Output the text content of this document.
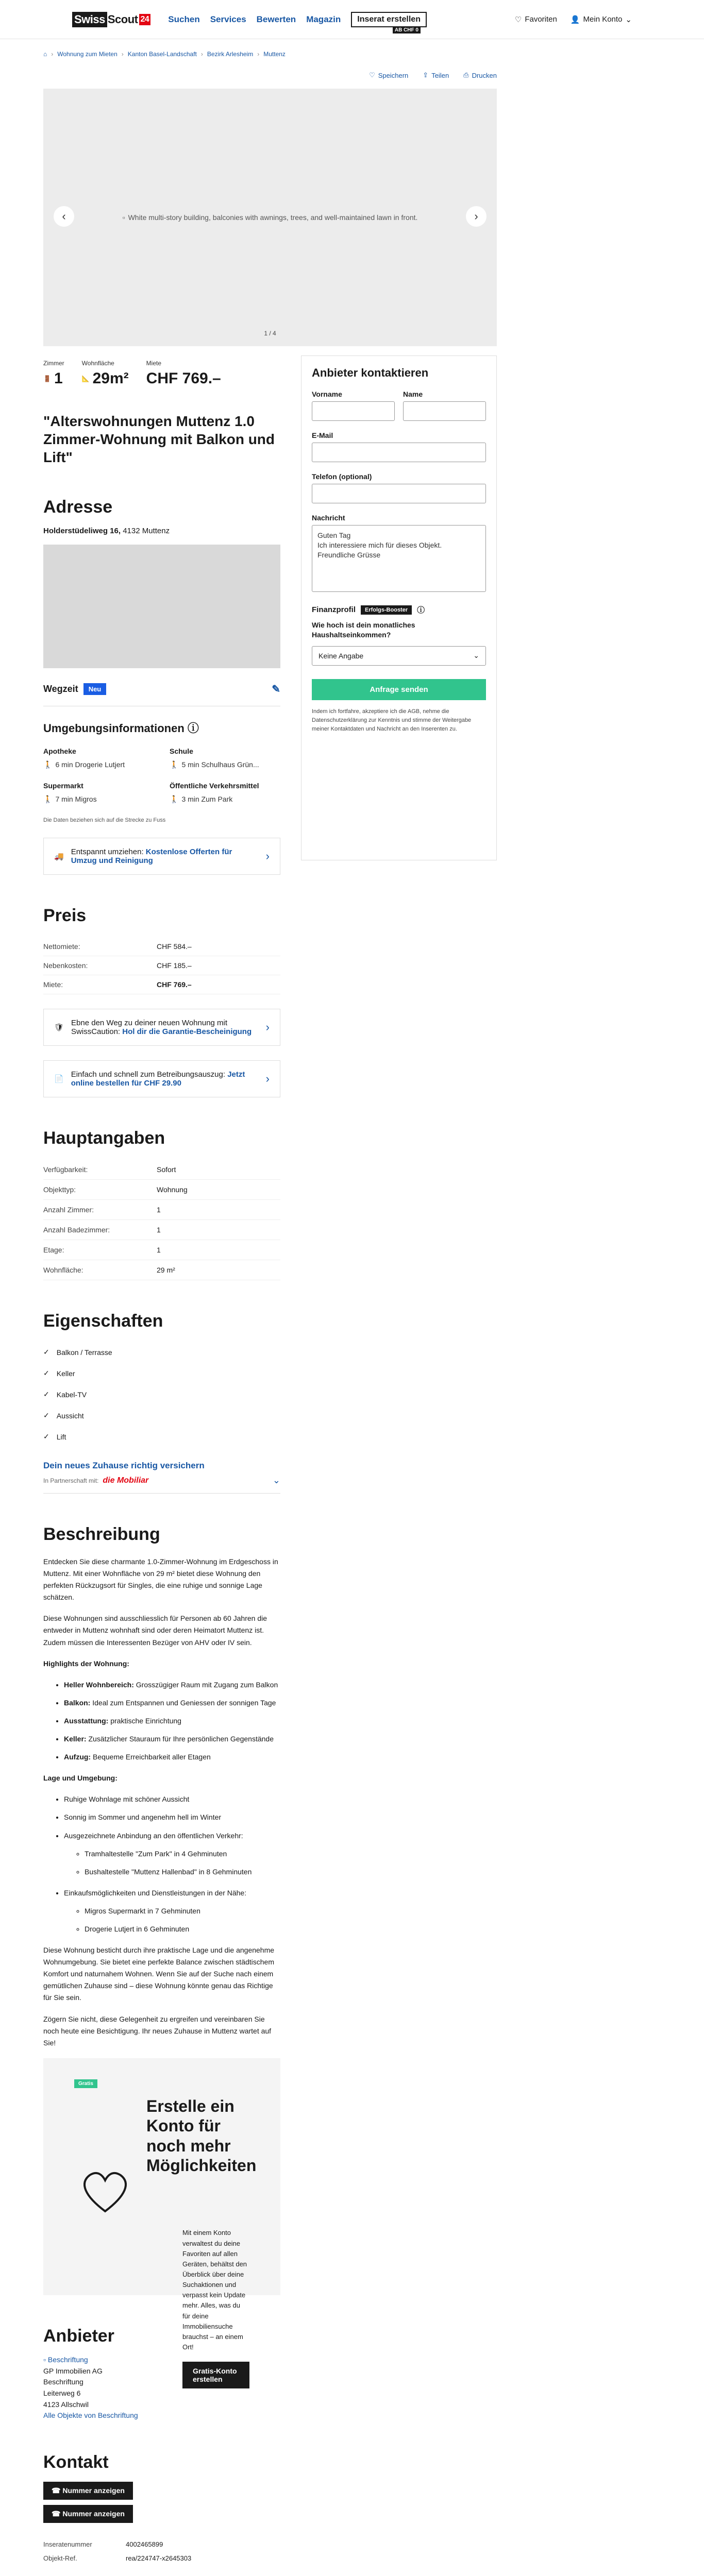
Swiss Scout 24 Suchen Services Bewerten Magazin	Inserat erstellen
AB CHF 0
♡ Favoriten 👤 Mein Konto ⌄
⌂ › Wohnung zum Mieten › Kanton Basel-Landschaft › Bezirk Arlesheim › Muttenz
♡ Speichern ⇪ Teilen ⎙ Drucken
‹	▫ White multi-story building, balconies with awnings, trees, and well-maintained lawn in front.	›
1 / 4
Zimmer
🚪 1
Wohnfläche
📐 29m²
Miete
CHF 769.–
"Alterswohnungen Muttenz 1.0 Zimmer-Wohnung mit Balkon und Lift"
Adresse
Holderstüdeliweg 16, 4132 Muttenz
Wegzeit	Neu	✎
Umgebungsinformationen ⓘ
Apotheke
🚶 6 min Drogerie Lutjert
Schule
🚶 5 min Schulhaus Grün...
Supermarkt
🚶 7 min Migros
Öffentliche Verkehrsmittel
🚶 3 min Zum Park
Die Daten beziehen sich auf die Strecke zu Fuss
🚚
Entspannt umziehen: Kostenlose Offerten für Umzug und Reinigung	›
Preis
Nettomiete:	CHF 584.–
Nebenkosten:	CHF 185.–
Miete:	CHF 769.–
🛡
Ebne den Weg zu deiner neuen Wohnung mit SwissCaution: Hol dir die Garantie-Bescheinigung	›
📄
Einfach und schnell zum Betreibungsauszug: Jetzt online bestellen für CHF 29.90	›
Hauptangaben
Verfügbarkeit:	Sofort
Objekttyp:	Wohnung
Anzahl Zimmer:	1
Anzahl Badezimmer:	1
Etage:	1
Wohnfläche:	29 m²
Eigenschaften
✓ Balkon / Terrasse
✓ Keller
✓ Kabel-TV
✓ Aussicht
✓ Lift
Dein neues Zuhause richtig versichern
In Partnerschaft mit: die Mobiliar	⌄
Beschreibung

Entdecken Sie diese charmante 1.0-Zimmer-Wohnung im Erdgeschoss in Muttenz. Mit einer Wohnfläche von 29 m² bietet diese Wohnung den perfekten Rückzugsort für Singles, die eine ruhige und sonnige Lage schätzen.

Diese Wohnungen sind ausschliesslich für Personen ab 60 Jahren die entweder in Muttenz wohnhaft sind oder deren Heimatort Muttenz ist. Zudem müssen die Interessenten Bezüger von AHV oder IV sein.

Highlights der Wohnung:

• Heller Wohnbereich: Grosszügiger Raum mit Zugang zum Balkon
• Balkon: Ideal zum Entspannen und Geniessen der sonnigen Tage
• Ausstattung: praktische Einrichtung
• Keller: Zusätzlicher Stauraum für Ihre persönlichen Gegenstände
• Aufzug: Bequeme Erreichbarkeit aller Etagen

Lage und Umgebung:

• Ruhige Wohnlage mit schöner Aussicht
• Sonnig im Sommer und angenehm hell im Winter
• Ausgezeichnete Anbindung an den öffentlichen Verkehr:
◦ Tramhaltestelle "Zum Park" in 4 Gehminuten
◦ Bushaltestelle "Muttenz Hallenbad" in 8 Gehminuten
• Einkaufsmöglichkeiten und Dienstleistungen in der Nähe:
◦ Migros Supermarkt in 7 Gehminuten
◦ Drogerie Lutjert in 6 Gehminuten

Diese Wohnung besticht durch ihre praktische Lage und die angenehme Wohnumgebung. Sie bietet eine perfekte Balance zwischen städtischem Komfort und naturnahem Wohnen. Wenn Sie auf der Suche nach einem gemütlichen Zuhause sind – diese Wohnung könnte genau das Richtige für Sie sein.

Zögern Sie nicht, diese Gelegenheit zu ergreifen und vereinbaren Sie noch heute eine Besichtigung. Ihr neues Zuhause in Muttenz wartet auf Sie!

Gratis
Erstelle ein Konto für noch mehr Möglichkeiten

Mit einem Konto verwaltest du deine Favoriten auf allen Geräten, behältst den Überblick über deine Suchaktionen und verpasst kein Update mehr. Alles, was du für deine Immobiliensuche brauchst – an einem Ort!

Gratis-Konto erstellen
Anbieter
▫ Beschriftung
GP Immobilien AG
Beschriftung
Leiterweg 6
4123 Allschwil
Alle Objekte von Beschriftung
Kontakt
☎ Nummer anzeigen
☎ Nummer anzeigen
Inseratenummer	4002465899
Objekt-Ref.	rea/224747-x2645303
Anbieter kontaktieren
Vorname	Name
E-Mail
Telefon (optional)
Nachricht
Guten Tag
Ich interessiere mich für dieses Objekt.
Freundliche Grüsse
Finanzprofil	Erfolgs-Booster	ⓘ
Wie hoch ist dein monatliches Haushaltseinkommen?
Keine Angabe	⌄
Anfrage senden
Indem ich fortfahre, akzeptiere ich die AGB, nehme die Datenschutzerklärung zur Kenntnis und stimme der Weitergabe meiner Kontaktdaten und Nachricht an den Inserenten zu.
